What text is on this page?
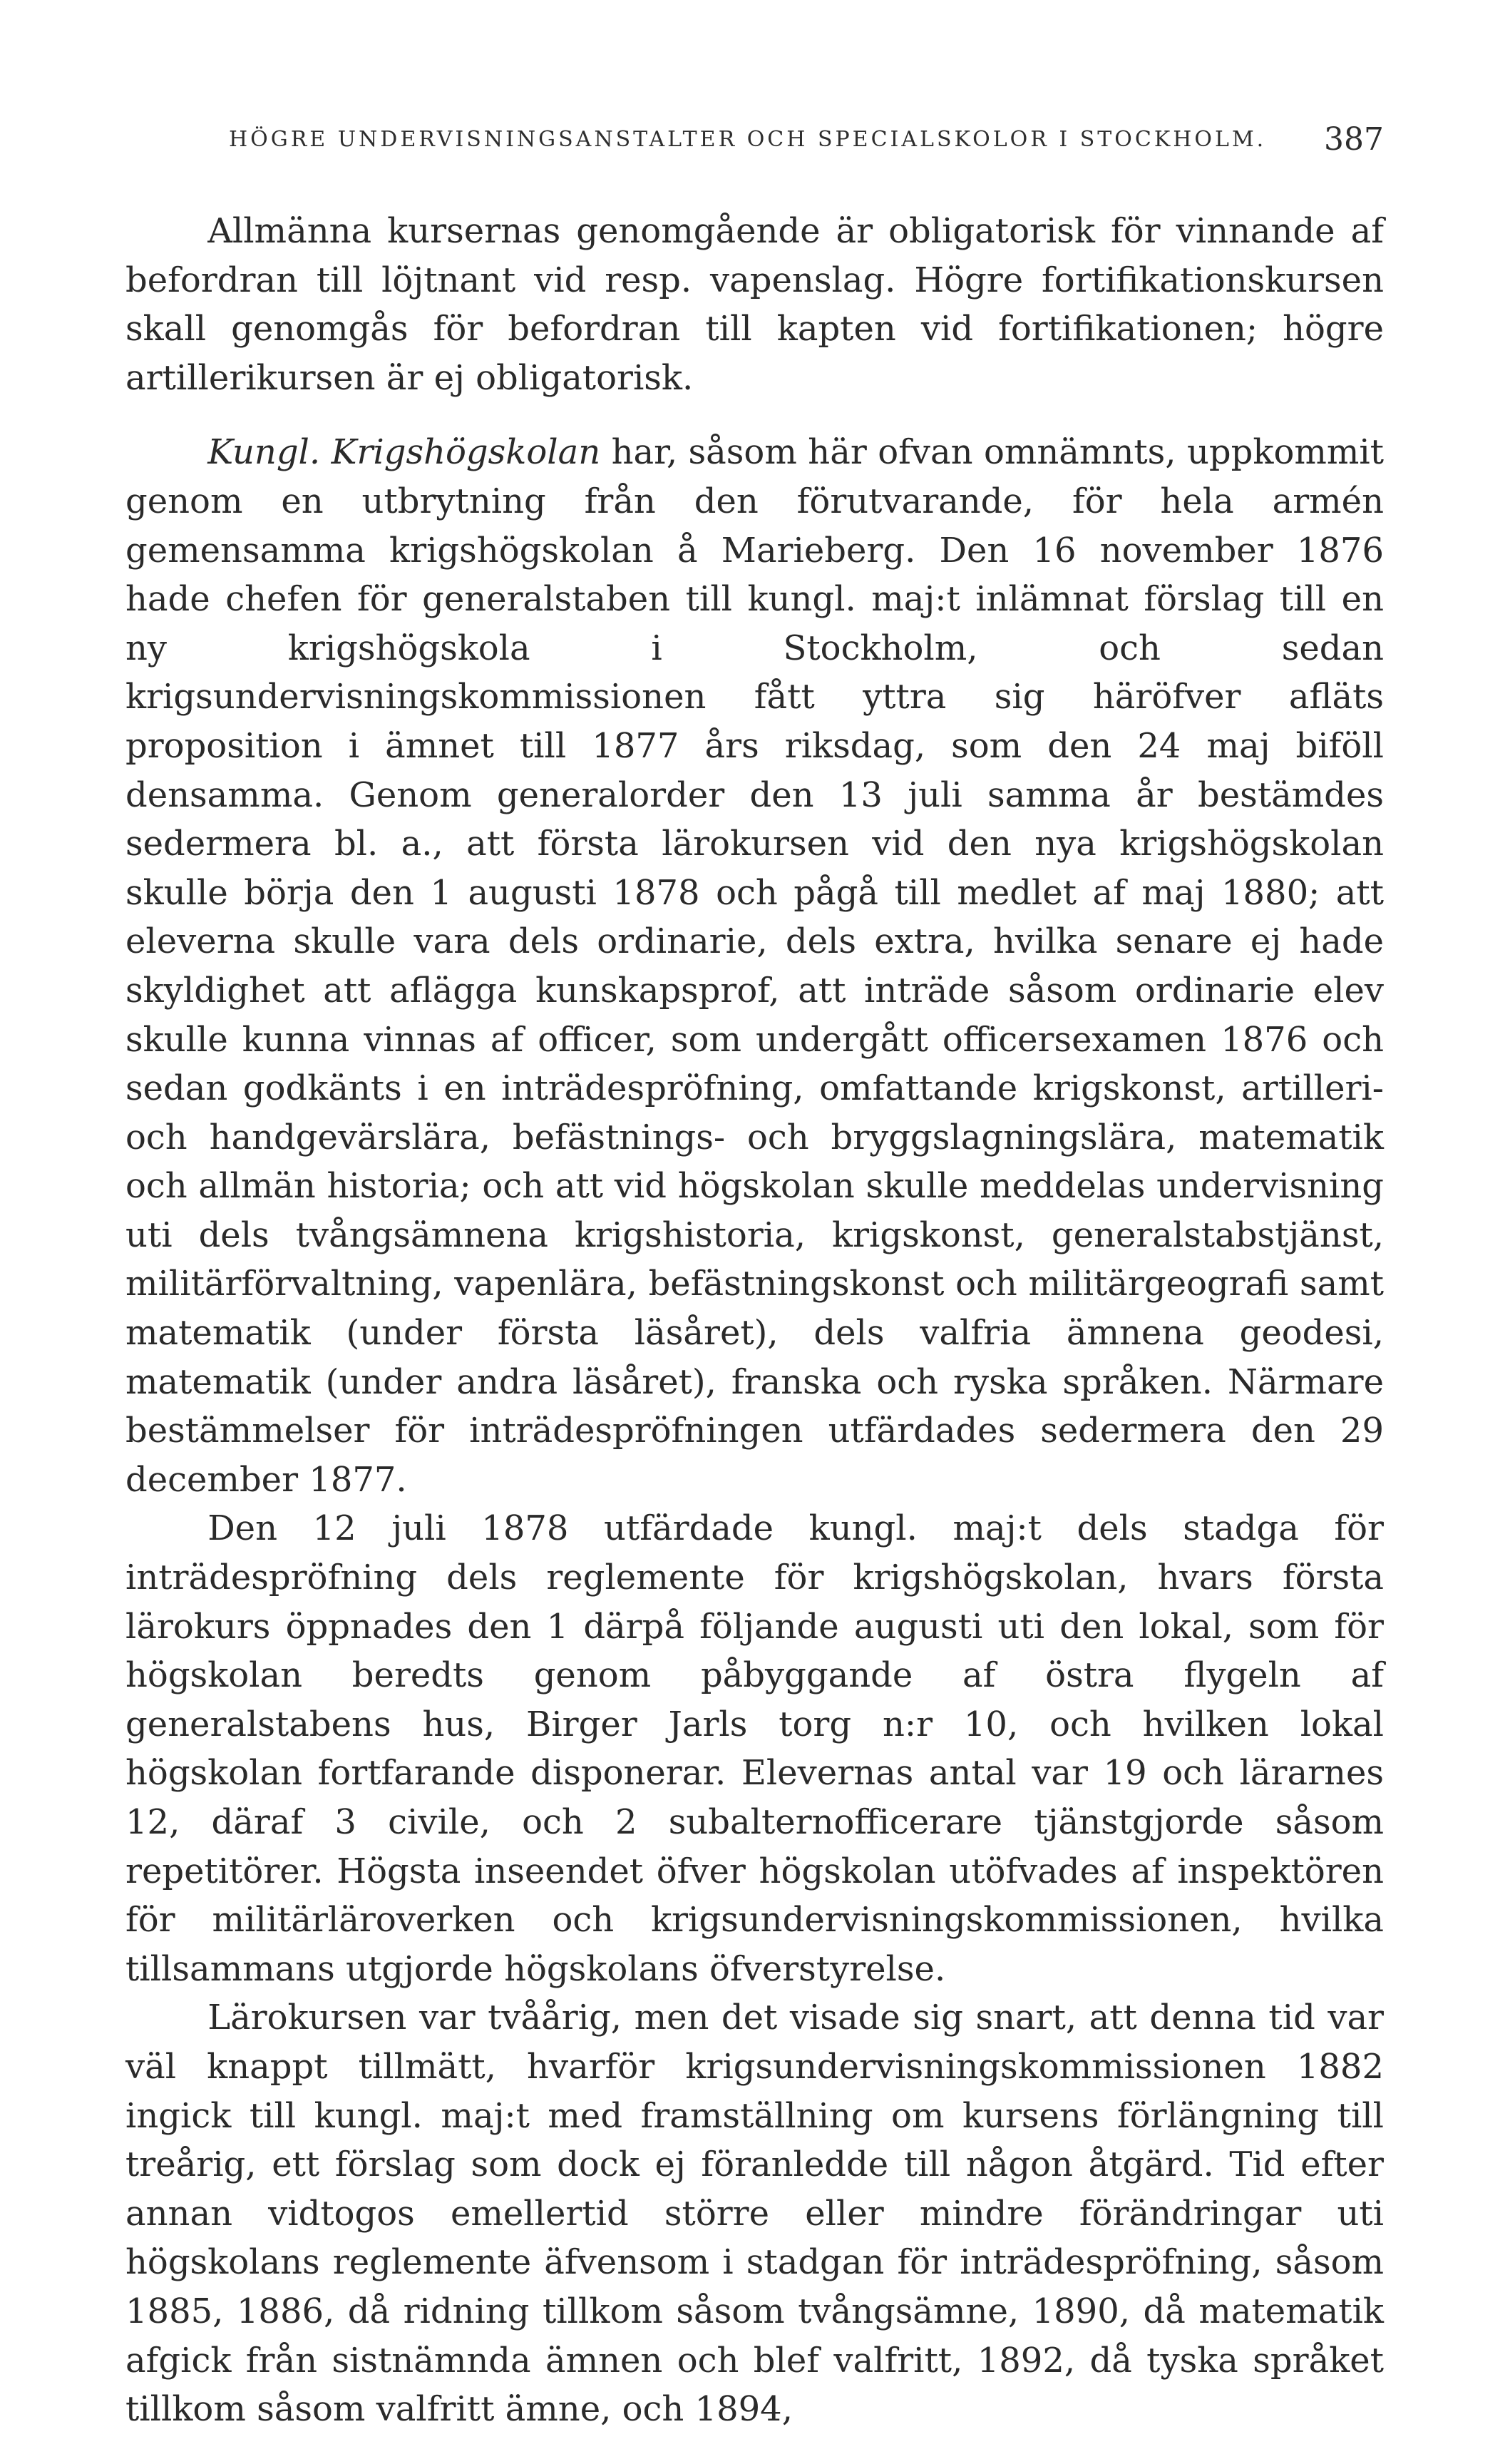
HÖGRE UNDERVISNINGSANSTALTER OCH SPECIALSKOLOR I STOCKHOLM. 387

Allmänna kursernas genomgående är obligatorisk för vinnande af befordran till löjtnant vid resp. vapenslag. Högre fortifikationskursen skall genomgås för befordran till kapten vid fortifikationen; högre artillerikursen är ej obligatorisk.

Kungl. Krigshögskolan har, såsom här ofvan omnämnts, uppkommit genom en utbrytning från den förutvarande, för hela armén gemensamma krigshögskolan å Marieberg. Den 16 november 1876 hade chefen för generalstaben till kungl. maj:t inlämnat förslag till en ny krigshögskola i Stockholm, och sedan krigsundervisningskommissionen fått yttra sig häröfver afläts proposition i ämnet till 1877 års riksdag, som den 24 maj biföll densamma. Genom generalorder den 13 juli samma år bestämdes sedermera bl. a., att första lärokursen vid den nya krigshögskolan skulle börja den 1 augusti 1878 och pågå till medlet af maj 1880; att eleverna skulle vara dels ordinarie, dels extra, hvilka senare ej hade skyldighet att aflägga kunskapsprof, att inträde såsom ordinarie elev skulle kunna vinnas af officer, som undergått officersexamen 1876 och sedan godkänts i en inträdespröfning, omfattande krigskonst, artilleri- och handgevärslära, befästnings- och bryggslagningslära, matematik och allmän historia; och att vid högskolan skulle meddelas undervisning uti dels tvångsämnena krigshistoria, krigskonst, generalstabstjänst, militärförvaltning, vapenlära, befästningskonst och militärgeografi samt matematik (under första läsåret), dels valfria ämnena geodesi, matematik (under andra läsåret), franska och ryska språken. Närmare bestämmelser för inträdespröfningen utfärdades sedermera den 29 december 1877.

Den 12 juli 1878 utfärdade kungl. maj:t dels stadga för inträdespröfning dels reglemente för krigshögskolan, hvars första lärokurs öppnades den 1 därpå följande augusti uti den lokal, som för högskolan beredts genom påbyggande af östra flygeln af generalstabens hus, Birger Jarls torg n:r 10, och hvilken lokal högskolan fortfarande disponerar. Elevernas antal var 19 och lärarnes 12, däraf 3 civile, och 2 subalternofficerare tjänstgjorde såsom repetitörer. Högsta inseendet öfver högskolan utöfvades af inspektören för militärläroverken och krigsundervisningskommissionen, hvilka tillsammans utgjorde högskolans öfverstyrelse.

Lärokursen var tvåårig, men det visade sig snart, att denna tid var väl knappt tillmätt, hvarför krigsundervisningskommissionen 1882 ingick till kungl. maj:t med framställning om kursens förlängning till treårig, ett förslag som dock ej föranledde till någon åtgärd. Tid efter annan vidtogos emellertid större eller mindre förändringar uti högskolans reglemente äfvensom i stadgan för inträdespröfning, såsom 1885, 1886, då ridning tillkom såsom tvångsämne, 1890, då matematik afgick från sistnämnda ämnen och blef valfritt, 1892, då tyska språket tillkom såsom valfritt ämne, och 1894,
